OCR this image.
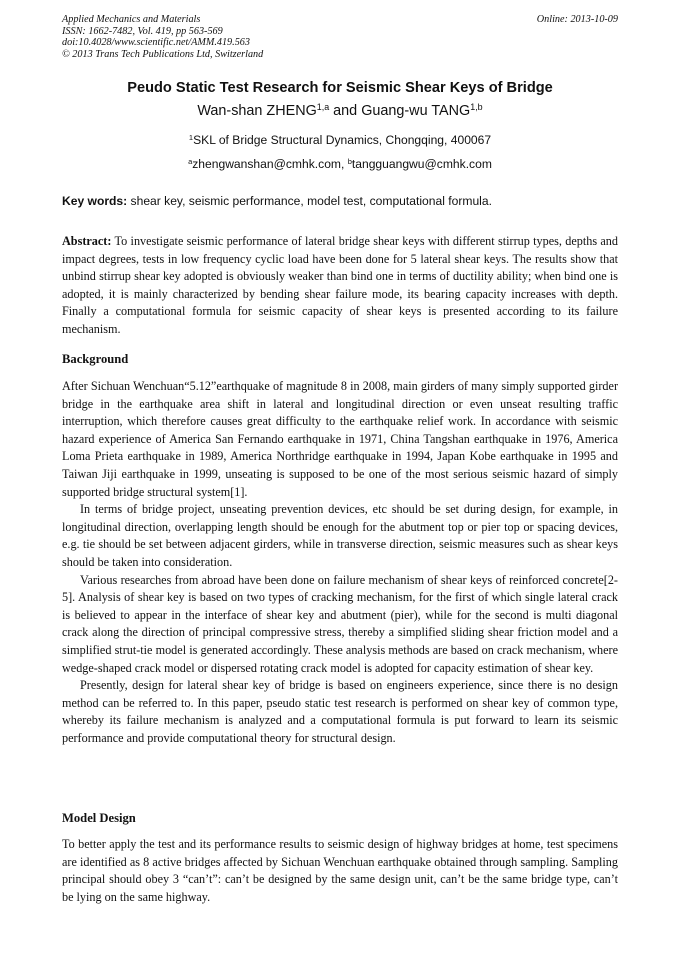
Applied Mechanics and Materials
ISSN: 1662-7482, Vol. 419, pp 563-569
doi:10.4028/www.scientific.net/AMM.419.563
© 2013 Trans Tech Publications Ltd, Switzerland
Online: 2013-10-09
Peudo Static Test Research for Seismic Shear Keys of Bridge
Wan-shan ZHENG$^{1,a}$ and Guang-wu TANG$^{1,b}$
$^1$SKL of Bridge Structural Dynamics, Chongqing, 400067
$^a$zhengwanshan@cmhk.com, $^b$tangguangwu@cmhk.com
Key words: shear key, seismic performance, model test, computational formula.

Abstract: To investigate seismic performance of lateral bridge shear keys with different stirrup types, depths and impact degrees, tests in low frequency cyclic load have been done for 5 lateral shear keys. The results show that unbind stirrup shear key adopted is obviously weaker than bind one in terms of ductility ability; when bind one is adopted, it is mainly characterized by bending shear failure mode, its bearing capacity increases with depth. Finally a computational formula for seismic capacity of shear keys is presented according to its failure mechanism.

Background

After Sichuan Wenchuan“5.12”earthquake of magnitude 8 in 2008, main girders of many simply supported girder bridge in the earthquake area shift in lateral and longitudinal direction or even unseat resulting traffic interruption, which therefore causes great difficulty to the earthquake relief work. In accordance with seismic hazard experience of America San Fernando earthquake in 1971, China Tangshan earthquake in 1976, America Loma Prieta earthquake in 1989, America Northridge earthquake in 1994, Japan Kobe earthquake in 1995 and Taiwan Jiji earthquake in 1999, unseating is supposed to be one of the most serious seismic hazard of simply supported bridge structural system[1].

In terms of bridge project, unseating prevention devices, etc should be set during design, for example, in longitudinal direction, overlapping length should be enough for the abutment top or pier top or spacing devices, e.g. tie should be set between adjacent girders, while in transverse direction, seismic measures such as shear keys should be taken into consideration.

Various researches from abroad have been done on failure mechanism of shear keys of reinforced concrete[2-5]. Analysis of shear key is based on two types of cracking mechanism, for the first of which single lateral crack is believed to appear in the interface of shear key and abutment (pier), while for the second is multi diagonal crack along the direction of principal compressive stress, thereby a simplified sliding shear friction model and a simplified strut-tie model is generated accordingly. These analysis methods are based on crack mechanism, where wedge-shaped crack model or dispersed rotating crack model is adopted for capacity estimation of shear key.

Presently, design for lateral shear key of bridge is based on engineers experience, since there is no design method can be referred to. In this paper, pseudo static test research is performed on shear key of common type, whereby its failure mechanism is analyzed and a computational formula is put forward to learn its seismic performance and provide computational theory for structural design.

Model Design

To better apply the test and its performance results to seismic design of highway bridges at home, test specimens are identified as 8 active bridges affected by Sichuan Wenchuan earthquake obtained through sampling. Sampling principal should obey 3 “can’t”: can’t be designed by the same design unit, can’t be the same bridge type, can’t be lying on the same highway.
